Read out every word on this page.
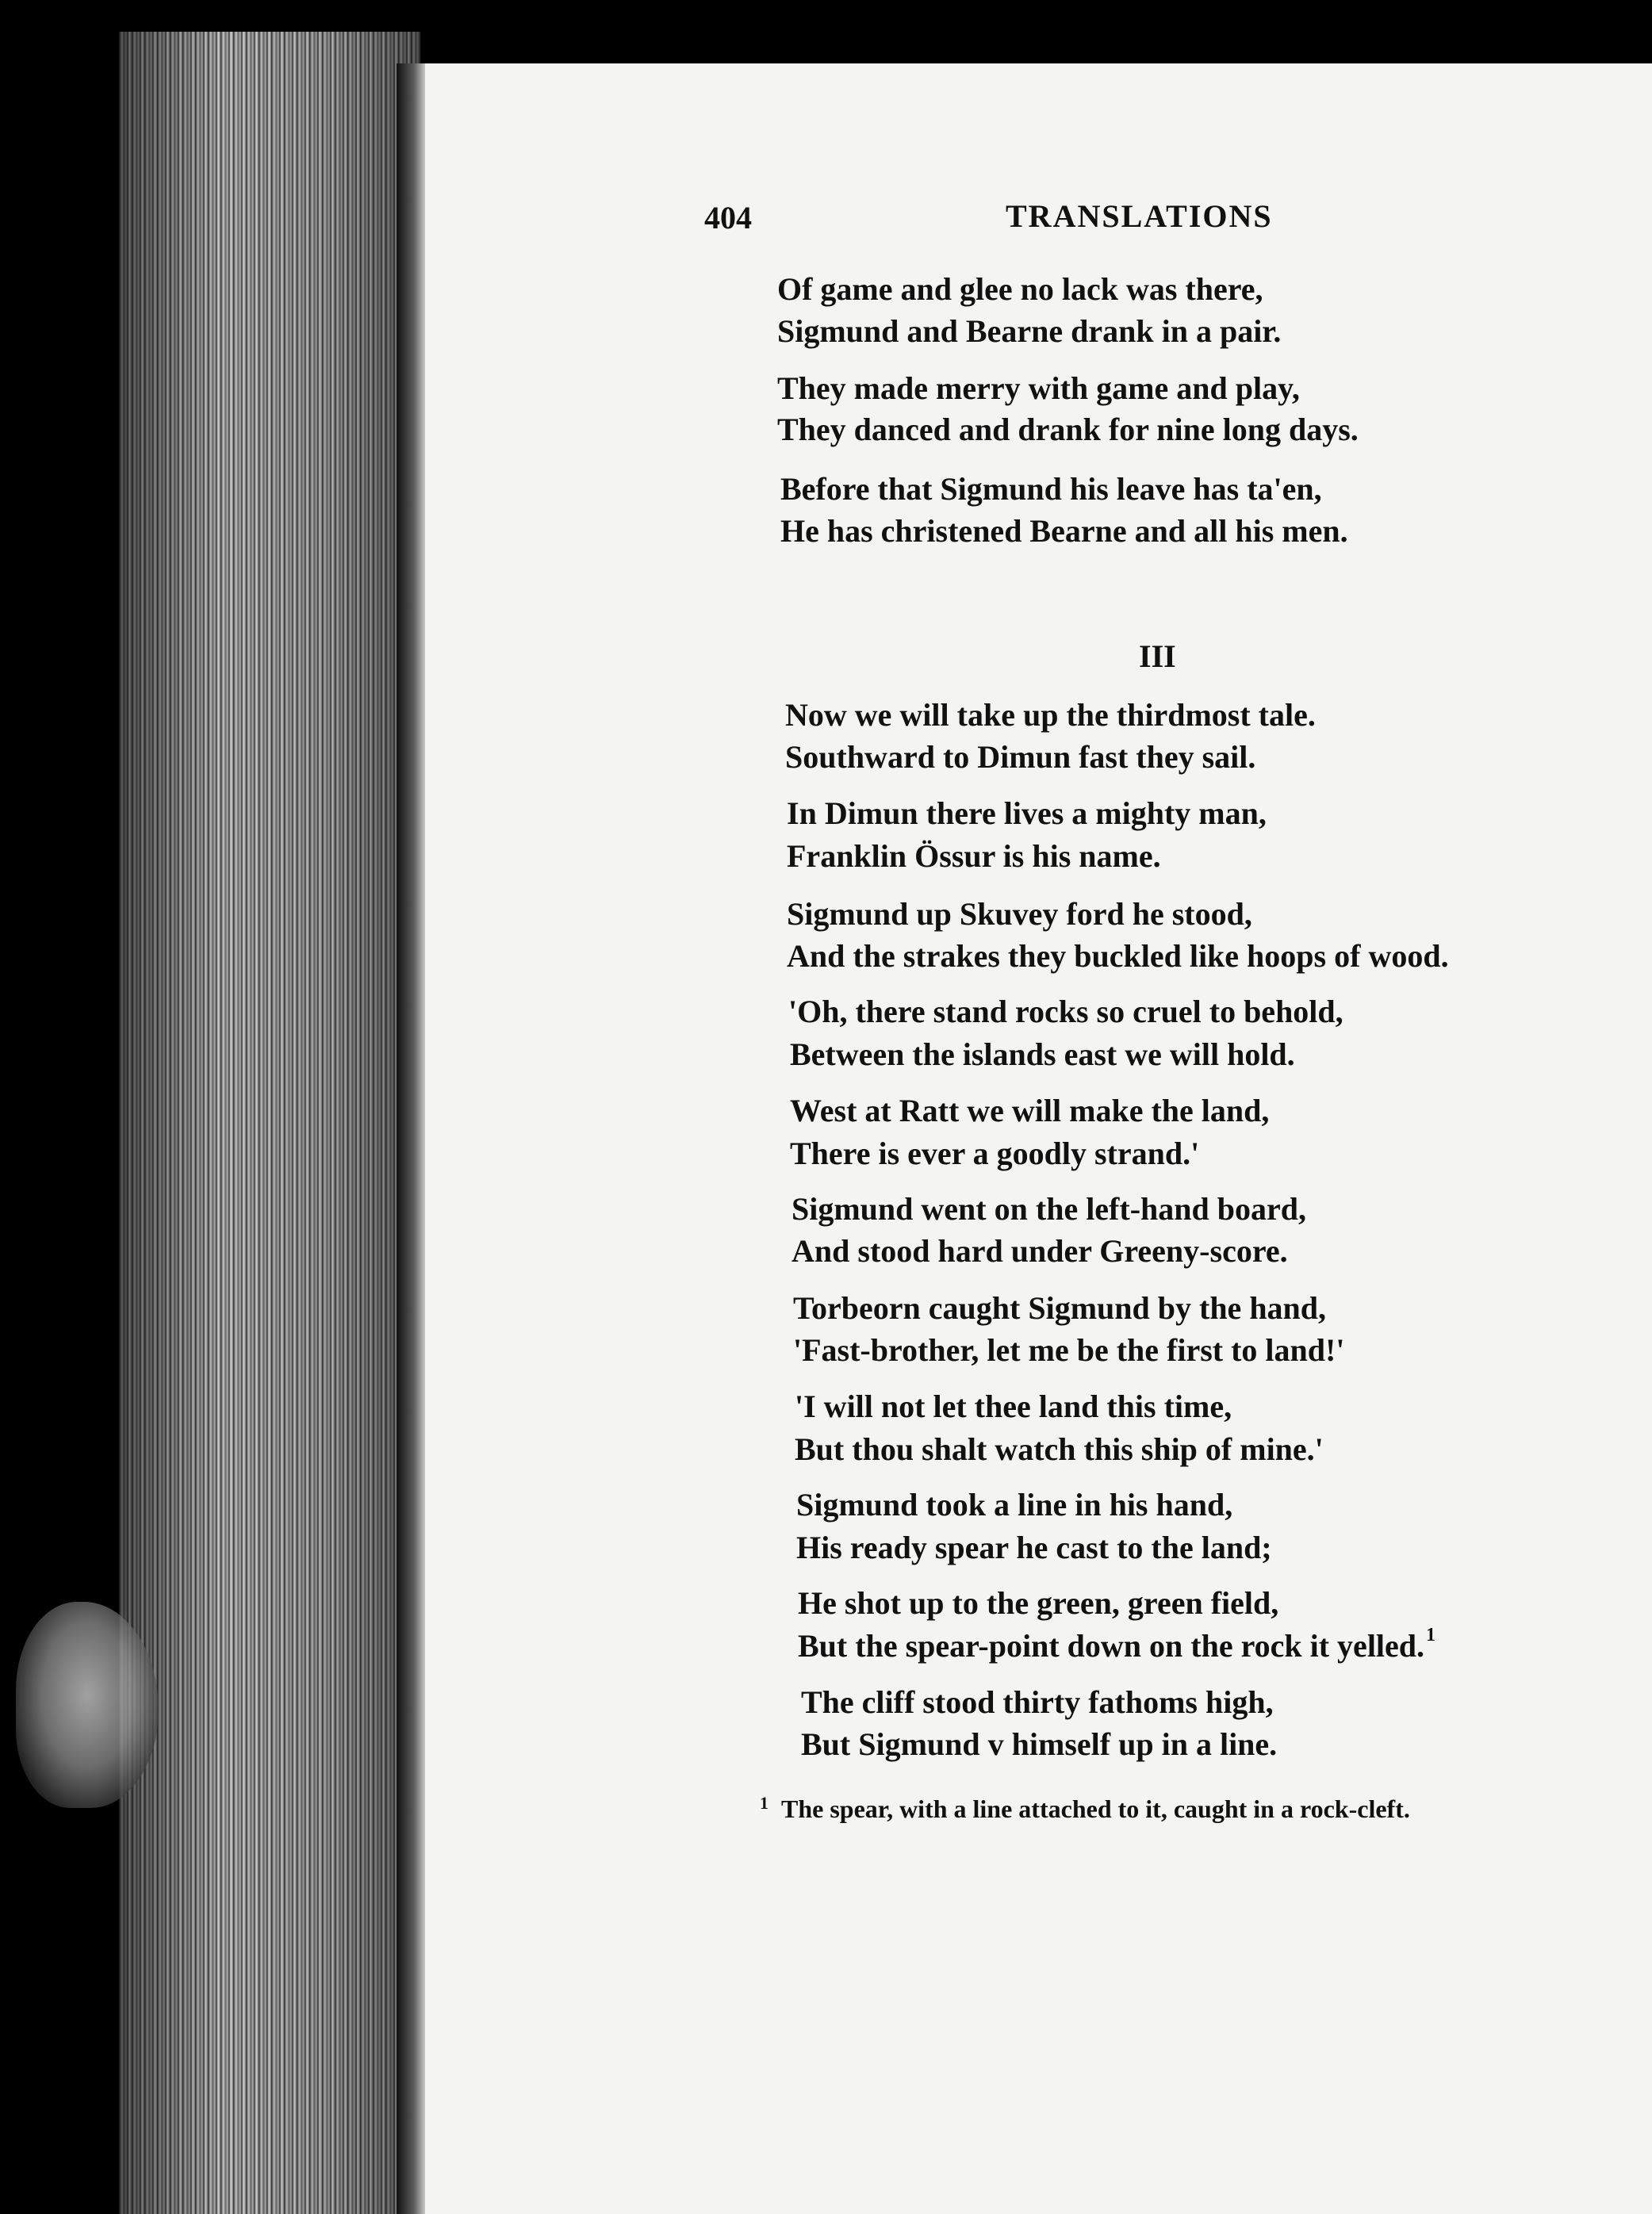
404	TRANSLATIONS
Of game and glee no lack was there,
Sigmund and Bearne drank in a pair.
They made merry with game and play,
They danced and drank for nine long days.
Before that Sigmund his leave has ta'en,
He has christened Bearne and all his men.
III
Now we will take up the thirdmost tale.
Southward to Dimun fast they sail.
In Dimun there lives a mighty man,
Franklin Össur is his name.
Sigmund up Skuvey ford he stood,
And the strakes they buckled like hoops of wood.
'Oh, there stand rocks so cruel to behold,
Between the islands east we will hold.
West at Ratt we will make the land,
There is ever a goodly strand.'
Sigmund went on the left-hand board,
And stood hard under Greeny-score.
Torbeorn caught Sigmund by the hand,
'Fast-brother, let me be the first to land!'
'I will not let thee land this time,
But thou shalt watch this ship of mine.'
Sigmund took a line in his hand,
His ready spear he cast to the land;
He shot up to the green, green field,
But the spear-point down on the rock it yelled.$^1$
The cliff stood thirty fathoms high,
But Sigmund v himself up in a line.
1 The spear, with a line attached to it, caught in a rock-cleft.
